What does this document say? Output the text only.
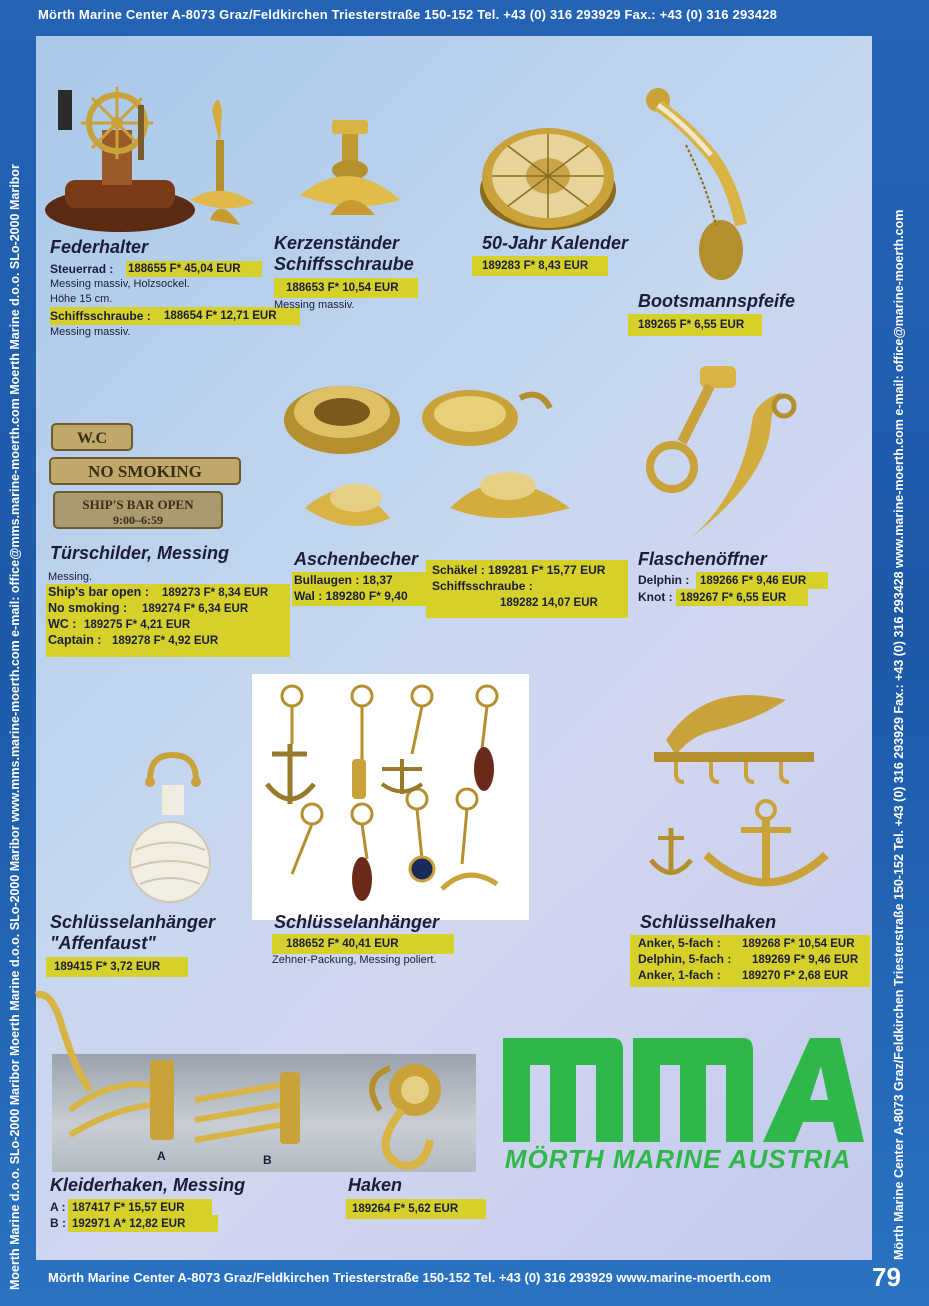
Mörth Marine Center A-8073 Graz/Feldkirchen Triesterstraße 150-152 Tel. +43 (0) 316 293929 Fax.: +43 (0) 316 293428
Mörth Marine Center A-8073 Graz/Feldkirchen Triesterstraße 150-152 Tel. +43 (0) 316 293929 www.marine-moerth.com	79
Moerth Marine d.o.o. SLo-2000 Maribor Moerth Marine d.o.o. SLo-2000 Maribor www.mms.marine-moerth.com e-mail: office@mms.marine-moerth.com Moerth Marine d.o.o. SLo-2000 Maribor	Mörth Marine Center A-8073 Graz/Feldkirchen Triesterstraße 150-152 Tel. +43 (0) 316 293929 Fax.: +43 (0) 316 293428 www.marine-moerth.com e-mail: office@marine-moerth.com
Federhalter
Steuerrad : 188655 F* 45,04 EUR
Messing massiv, Holzsockel.
Höhe 15 cm.
Schiffsschraube : 188654 F* 12,71 EUR
Messing massiv.
Kerzenständer
Schiffsschraube
188653 F* 10,54 EUR
Messing massiv.
50-Jahr Kalender
189283 F* 8,43 EUR
Bootsmannspfeife
189265 F* 6,55 EUR
W.C
NO SMOKING
SHIP'S BAR OPEN
9:00–6:59
Türschilder, Messing
Messing.
Ship's bar open : 189273 F* 8,34 EUR
No smoking : 189274 F* 6,34 EUR
WC : 189275 F* 4,21 EUR
Captain : 189278 F* 4,92 EUR
Aschenbecher
Bullaugen : 18,37
Wal : 189280 F* 9,40
Schäkel : 189281 F* 15,77 EUR
Schiffsschraube :
189282 14,07 EUR
Flaschenöffner
Delphin : 189266 F* 9,46 EUR
Knot : 189267 F* 6,55 EUR
Schlüsselanhänger
"Affenfaust"
189415 F* 3,72 EUR
Schlüsselanhänger
188652 F* 40,41 EUR
Zehner-Packung, Messing poliert.
Schlüsselhaken
Anker, 5-fach : 189268 F* 10,54 EUR
Delphin, 5-fach : 189269 F* 9,46 EUR
Anker, 1-fach : 189270 F* 2,68 EUR
A	B
Kleiderhaken, Messing
A : 187417 F* 15,57 EUR
B : 192971 A* 12,82 EUR
Haken
189264 F* 5,62 EUR
MÖRTH MARINE AUSTRIA
